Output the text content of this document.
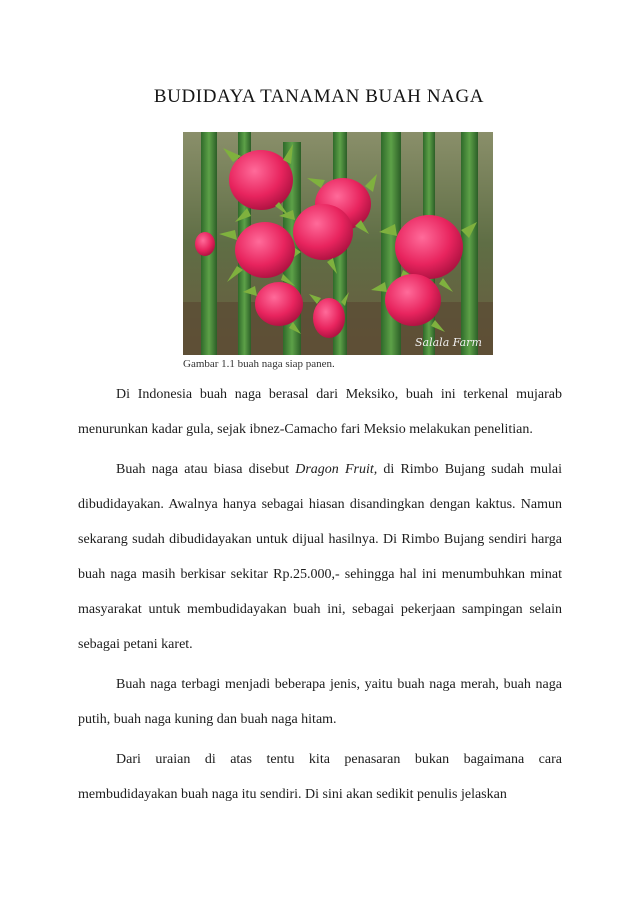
BUDIDAYA TANAMAN BUAH NAGA
Salala Farm
Gambar 1.1 buah naga siap panen.

Di Indonesia buah naga berasal dari Meksiko, buah ini terkenal mujarab menurunkan kadar gula, sejak ibnez-Camacho fari Meksio melakukan penelitian.

Buah naga atau biasa disebut Dragon Fruit, di Rimbo Bujang sudah mulai dibudidayakan. Awalnya hanya sebagai hiasan disandingkan dengan kaktus. Namun sekarang sudah dibudidayakan untuk dijual hasilnya. Di Rimbo Bujang sendiri harga buah naga masih berkisar sekitar Rp.25.000,- sehingga hal ini menumbuhkan minat masyarakat untuk membudidayakan buah ini, sebagai pekerjaan sampingan selain sebagai petani karet.

Buah naga terbagi menjadi beberapa jenis, yaitu buah naga merah, buah naga putih, buah naga kuning dan buah naga hitam.

Dari uraian di atas tentu kita penasaran bukan bagaimana cara membudidayakan buah naga itu sendiri. Di sini akan sedikit penulis jelaskan
